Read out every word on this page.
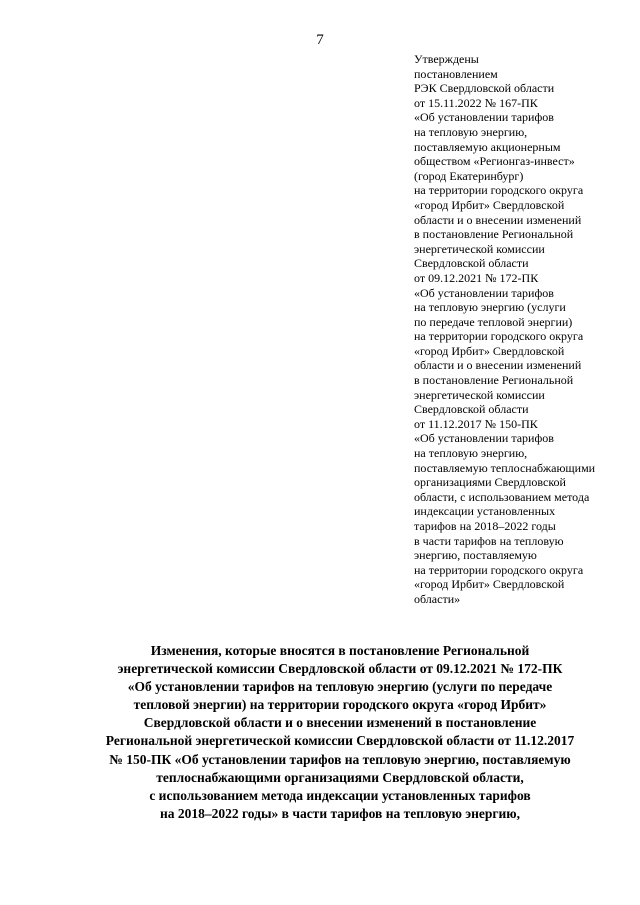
7
Утверждены
постановлением
РЭК Свердловской области
от 15.11.2022 № 167-ПК
«Об установлении тарифов
на тепловую энергию,
поставляемую акционерным
обществом «Регионгаз-инвест»
(город Екатеринбург)
на территории городского округа
«город Ирбит» Свердловской
области и о внесении изменений
в постановление Региональной
энергетической комиссии
Свердловской области
от 09.12.2021 № 172-ПК
«Об установлении тарифов
на тепловую энергию (услуги
по передаче тепловой энергии)
на территории городского округа
«город Ирбит» Свердловской
области и о внесении изменений
в постановление Региональной
энергетической комиссии
Свердловской области
от 11.12.2017 № 150-ПК
«Об установлении тарифов
на тепловую энергию,
поставляемую теплоснабжающими
организациями Свердловской
области, с использованием метода
индексации установленных
тарифов на 2018–2022 годы
в части тарифов на тепловую
энергию, поставляемую
на территории городского округа
«город Ирбит» Свердловской
области»
Изменения, которые вносятся в постановление Региональной
энергетической комиссии Свердловской области от 09.12.2021 № 172-ПК
«Об установлении тарифов на тепловую энергию (услуги по передаче
тепловой энергии) на территории городского округа «город Ирбит»
Свердловской области и о внесении изменений в постановление
Региональной энергетической комиссии Свердловской области от 11.12.2017
№ 150-ПК «Об установлении тарифов на тепловую энергию, поставляемую
теплоснабжающими организациями Свердловской области,
с использованием метода индексации установленных тарифов
на 2018–2022 годы» в части тарифов на тепловую энергию,
